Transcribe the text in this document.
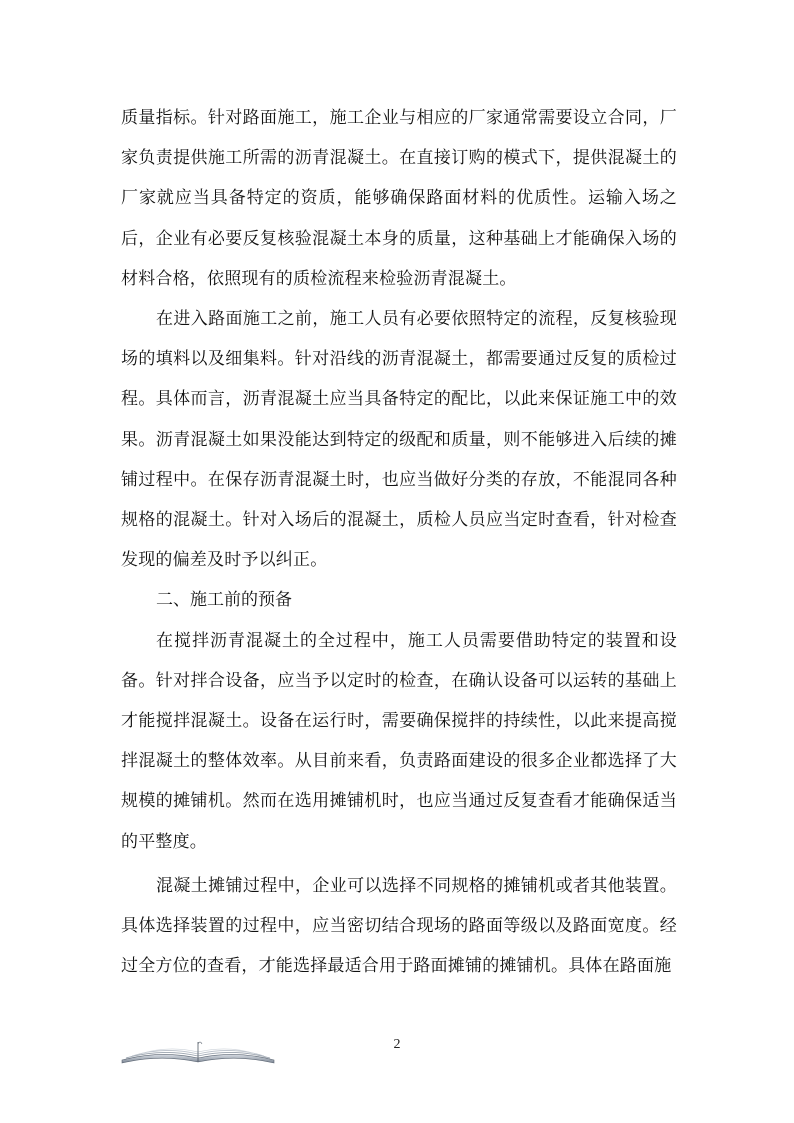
质量指标。针对路面施工，施工企业与相应的厂家通常需要设立合同，厂家负责提供施工所需的沥青混凝土。在直接订购的模式下，提供混凝土的厂家就应当具备特定的资质，能够确保路面材料的优质性。运输入场之后，企业有必要反复核验混凝土本身的质量，这种基础上才能确保入场的材料合格，依照现有的质检流程来检验沥青混凝土。

在进入路面施工之前，施工人员有必要依照特定的流程，反复核验现场的填料以及细集料。针对沿线的沥青混凝土，都需要通过反复的质检过程。具体而言，沥青混凝土应当具备特定的配比，以此来保证施工中的效果。沥青混凝土如果没能达到特定的级配和质量，则不能够进入后续的摊铺过程中。在保存沥青混凝土时，也应当做好分类的存放，不能混同各种规格的混凝土。针对入场后的混凝土，质检人员应当定时查看，针对检查发现的偏差及时予以纠正。

二、施工前的预备

在搅拌沥青混凝土的全过程中，施工人员需要借助特定的装置和设备。针对拌合设备，应当予以定时的检查，在确认设备可以运转的基础上才能搅拌混凝土。设备在运行时，需要确保搅拌的持续性，以此来提高搅拌混凝土的整体效率。从目前来看，负责路面建设的很多企业都选择了大规模的摊铺机。然而在选用摊铺机时，也应当通过反复查看才能确保适当的平整度。

混凝土摊铺过程中，企业可以选择不同规格的摊铺机或者其他装置。具体选择装置的过程中，应当密切结合现场的路面等级以及路面宽度。经过全方位的查看，才能选择最适合用于路面摊铺的摊铺机。具体在路面施

2
